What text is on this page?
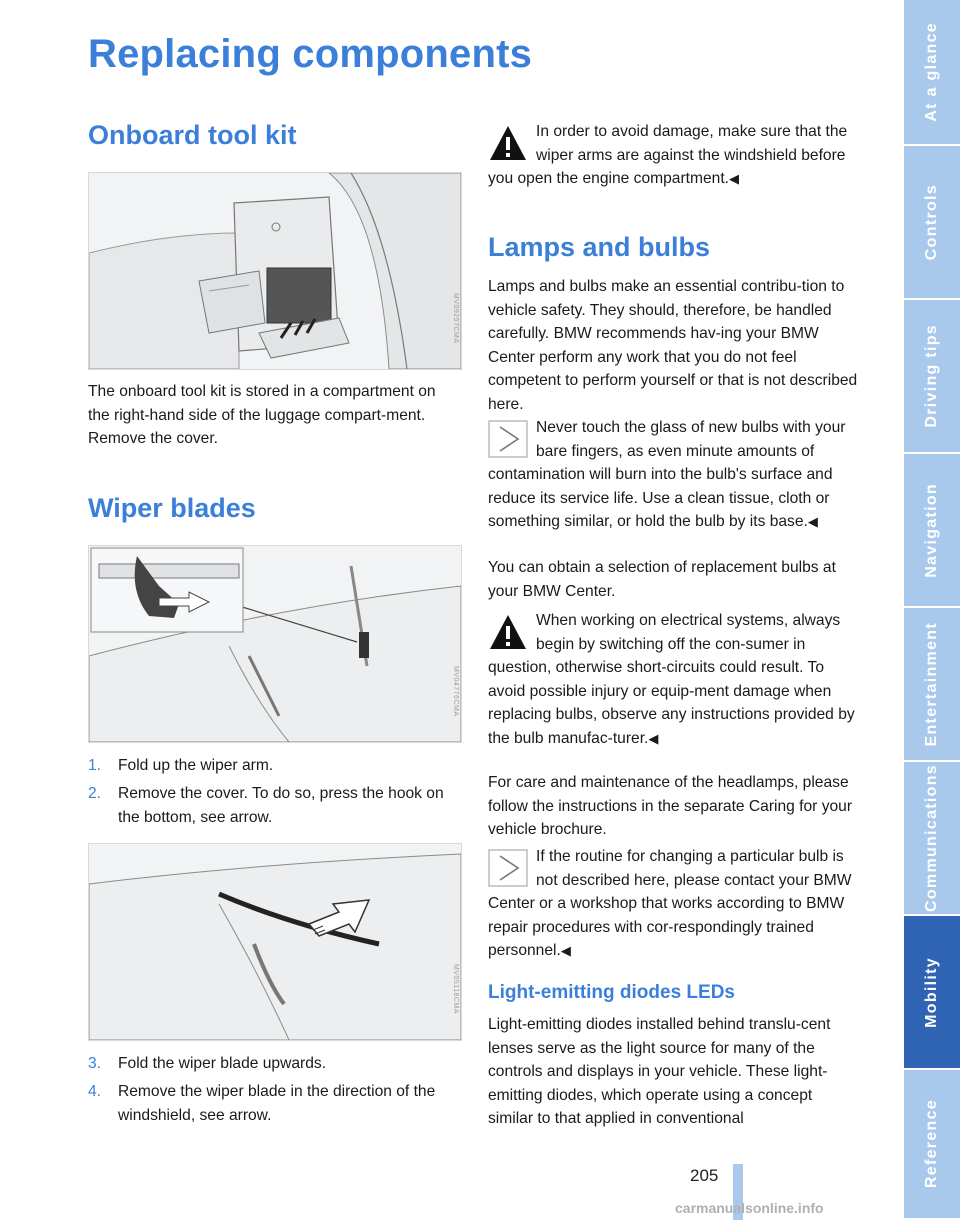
Replacing components
Onboard tool kit
MV09257CMA

The onboard tool kit is stored in a compartment on the right-hand side of the luggage compart-ment. Remove the cover.

Wiper blades
MV04776CMA
1. Fold up the wiper arm.
2. Remove the cover. To do so, press the hook on the bottom, see arrow.
MV05118CMA
3. Fold the wiper blade upwards.
4. Remove the wiper blade in the direction of the windshield, see arrow.
In order to avoid damage, make sure that the wiper arms are against the windshield before you open the engine compartment.◀
Lamps and bulbs

Lamps and bulbs make an essential contribu-tion to vehicle safety. They should, therefore, be handled carefully. BMW recommends hav-ing your BMW Center perform any work that you do not feel competent to perform yourself or that is not described here.

Never touch the glass of new bulbs with your bare fingers, as even minute amounts of contamination will burn into the bulb's surface and reduce its service life. Use a clean tissue, cloth or something similar, or hold the bulb by its base.◀

You can obtain a selection of replacement bulbs at your BMW Center.

When working on electrical systems, always begin by switching off the con-sumer in question, otherwise short-circuits could result. To avoid possible injury or equip-ment damage when replacing bulbs, observe any instructions provided by the bulb manufac-turer.◀

For care and maintenance of the headlamps, please follow the instructions in the separate Caring for your vehicle brochure.

If the routine for changing a particular bulb is not described here, please contact your BMW Center or a workshop that works according to BMW repair procedures with cor-respondingly trained personnel.◀
Light-emitting diodes LEDs

Light-emitting diodes installed behind translu-cent lenses serve as the light source for many of the controls and displays in your vehicle. These light-emitting diodes, which operate using a concept similar to that applied in conventional

At a glance
Controls
Driving tips
Navigation
Entertainment
Communications
Mobility
Reference
205
carmanualsonline.info
